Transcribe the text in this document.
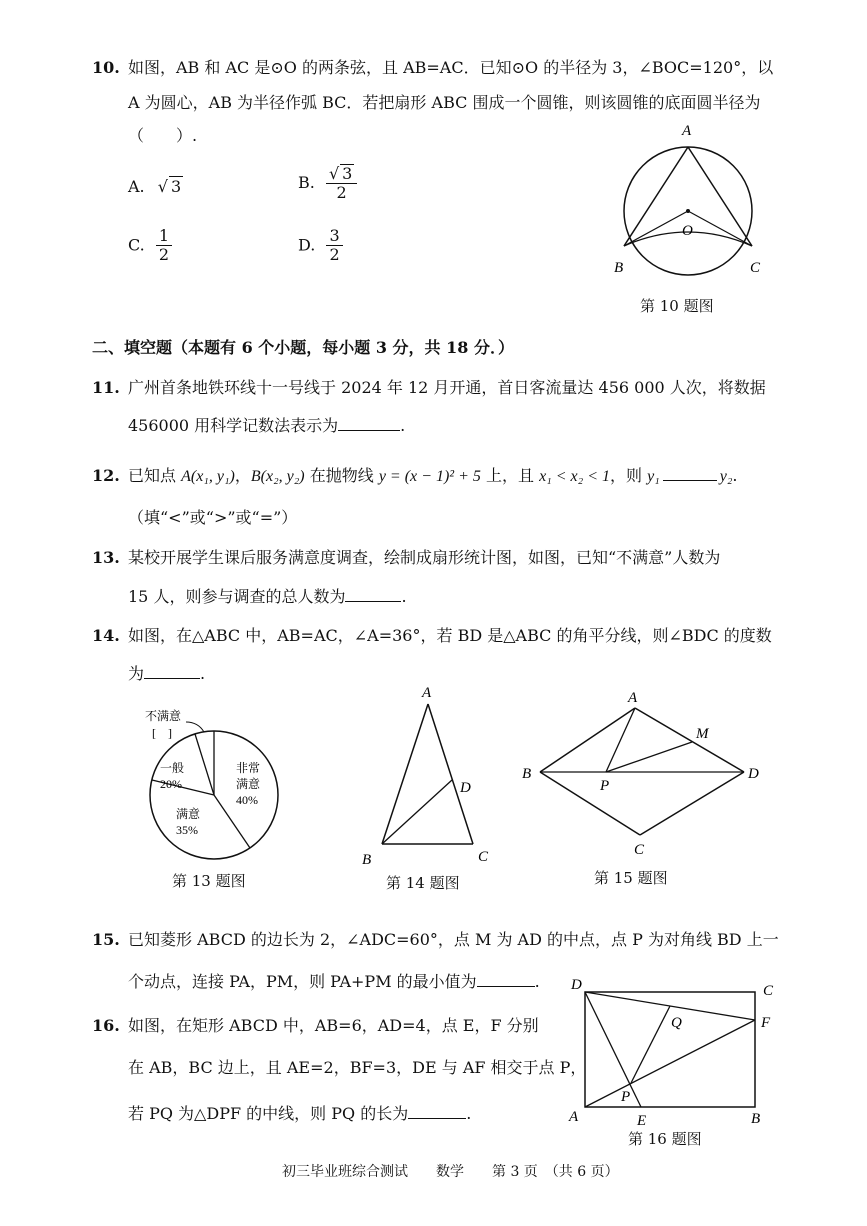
10. 如图，AB 和 AC 是⊙O 的两条弦，且 AB=AC．已知⊙O 的半径为 3，∠BOC=120°，以
A 为圆心，AB 为半径作弧 BC．若把扇形 ABC 围成一个圆锥，则该圆锥的底面圆半径为
（　　）.
A. √ 3	B. $\frac{√ 3}{2}$
C. $\frac{1}{2}$	D. $\frac{3}{2}$
A
O
B	C
第 10 题图
二、填空题（本题有 6 个小题，每小题 3 分，共 18 分．）
11. 广州首条地铁环线十一号线于 2024 年 12 月开通，首日客流量达 456 000 人次，将数据
456000 用科学记数法表示为	.
12. 已知点 A(x₁, y₁)，B(x₂, y₂) 在抛物线 y = (x − 1)² + 5 上，且 x₁ < x₂ < 1，则 y₁	y₂.
（填“<”或“>”或“=”）
13. 某校开展学生课后服务满意度调查，绘制成扇形统计图，如图，已知“不满意”人数为
15 人，则参与调查的总人数为	.
14. 如图，在△ABC 中，AB=AC，∠A=36°，若 BD 是△ABC 的角平分线，则∠BDC 的度数
为	.
不满意
[　]
一般
20%
非常
满意
40%
满意
35%
第 13 题图
A
D
B	C
第 14 题图
A
M
B
P
D
C
第 15 题图
15. 已知菱形 ABCD 的边长为 2，∠ADC=60°，点 M 为 AD 的中点，点 P 为对角线 BD 上一
个动点，连接 PA，PM，则 PA+PM 的最小值为	.
16. 如图，在矩形 ABCD 中，AB=6，AD=4，点 E，F 分别
在 AB，BC 边上，且 AE=2，BF=3，DE 与 AF 相交于点 P，
若 PQ 为△DPF 的中线，则 PQ 的长为	.
D	C
Q	F
P
A	E	B
第 16 题图
初三毕业班综合测试　　数学　　第 3 页　（共 6 页）
